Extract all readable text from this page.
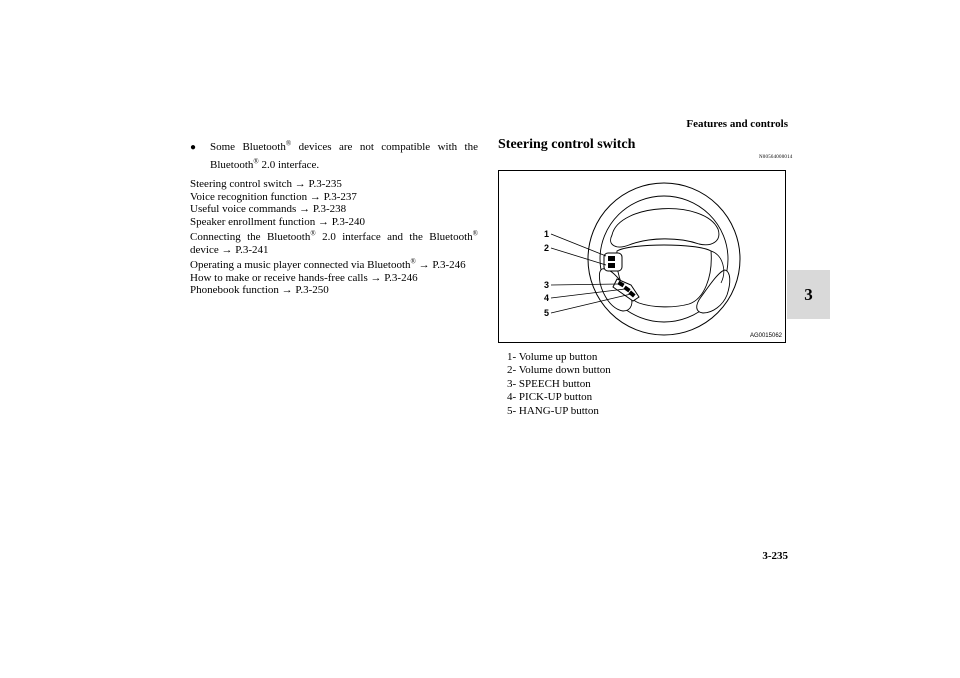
Features and controls
3-235
3
●	Some Bluetooth® devices are not compatible with the
Bluetooth® 2.0 interface.
Steering control switch → P.3-235
Voice recognition function → P.3-237
Useful voice commands → P.3-238
Speaker enrollment function → P.3-240
Connecting the Bluetooth® 2.0 interface and the Bluetooth®
device → P.3-241
Operating a music player connected via Bluetooth® → P.3-246
How to make or receive hands-free calls → P.3-246
Phonebook function → P.3-250
Steering control switch
N00564000014
1
2
3
4
5
AG0015062
1- Volume up button
2- Volume down button
3- SPEECH button
4- PICK-UP button
5- HANG-UP button
